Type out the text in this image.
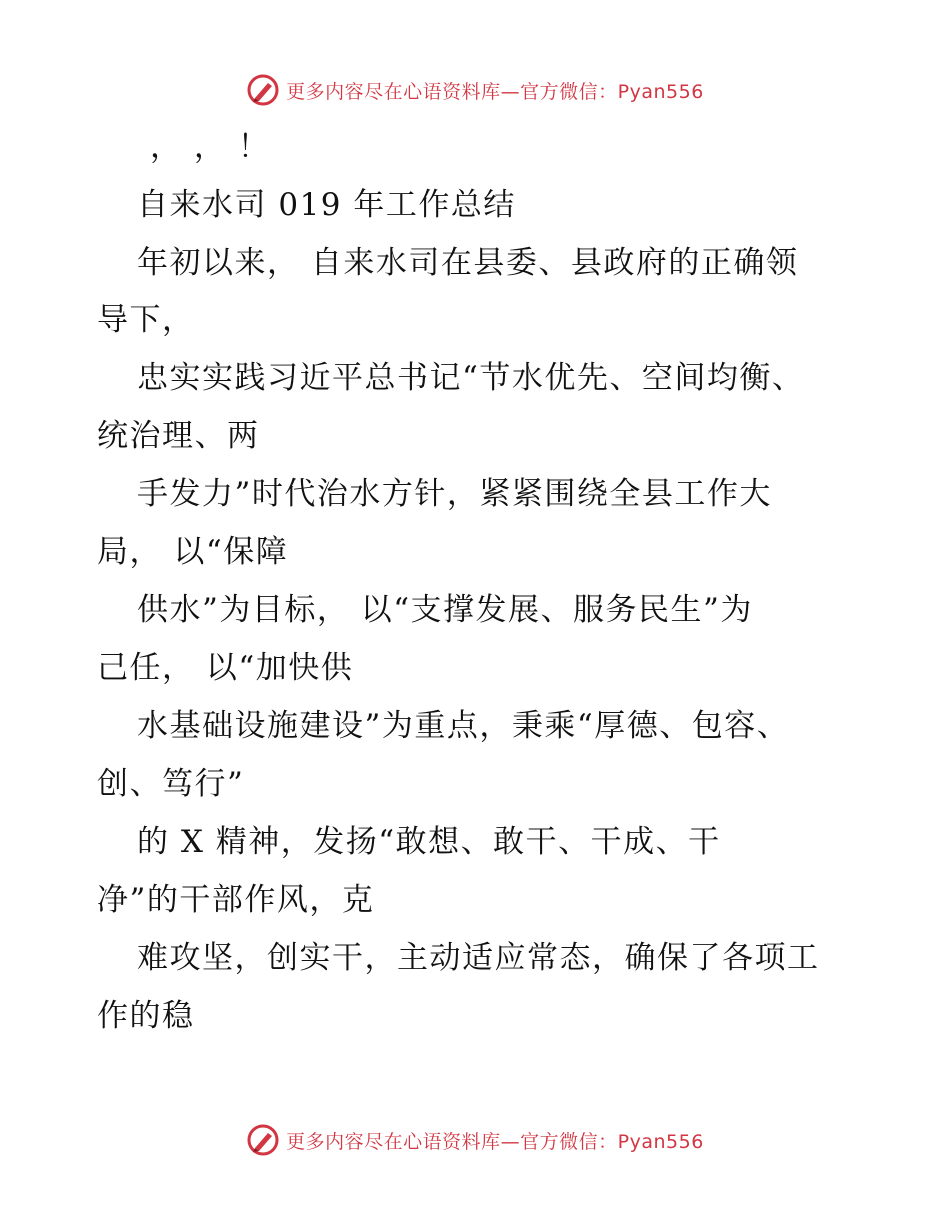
更多内容尽在心语资料库—官方微信：Pyan556
， ， ！
自来水司 019 年工作总结
年初以来， 自来水司在县委、县政府的正确领
导下，
忠实实践习近平总书记“节水优先、空间均衡、
统治理、两
手发力”时代治水方针，紧紧围绕全县工作大
局， 以“保障
供水”为目标， 以“支撑发展、服务民生”为
己任， 以“加快供
水基础设施建设”为重点，秉乘“厚德、包容、
创、笃行”
的 X 精神，发扬“敢想、敢干、干成、干
净”的干部作风，克
难攻坚，创实干，主动适应常态，确保了各项工
作的稳
更多内容尽在心语资料库—官方微信：Pyan556
